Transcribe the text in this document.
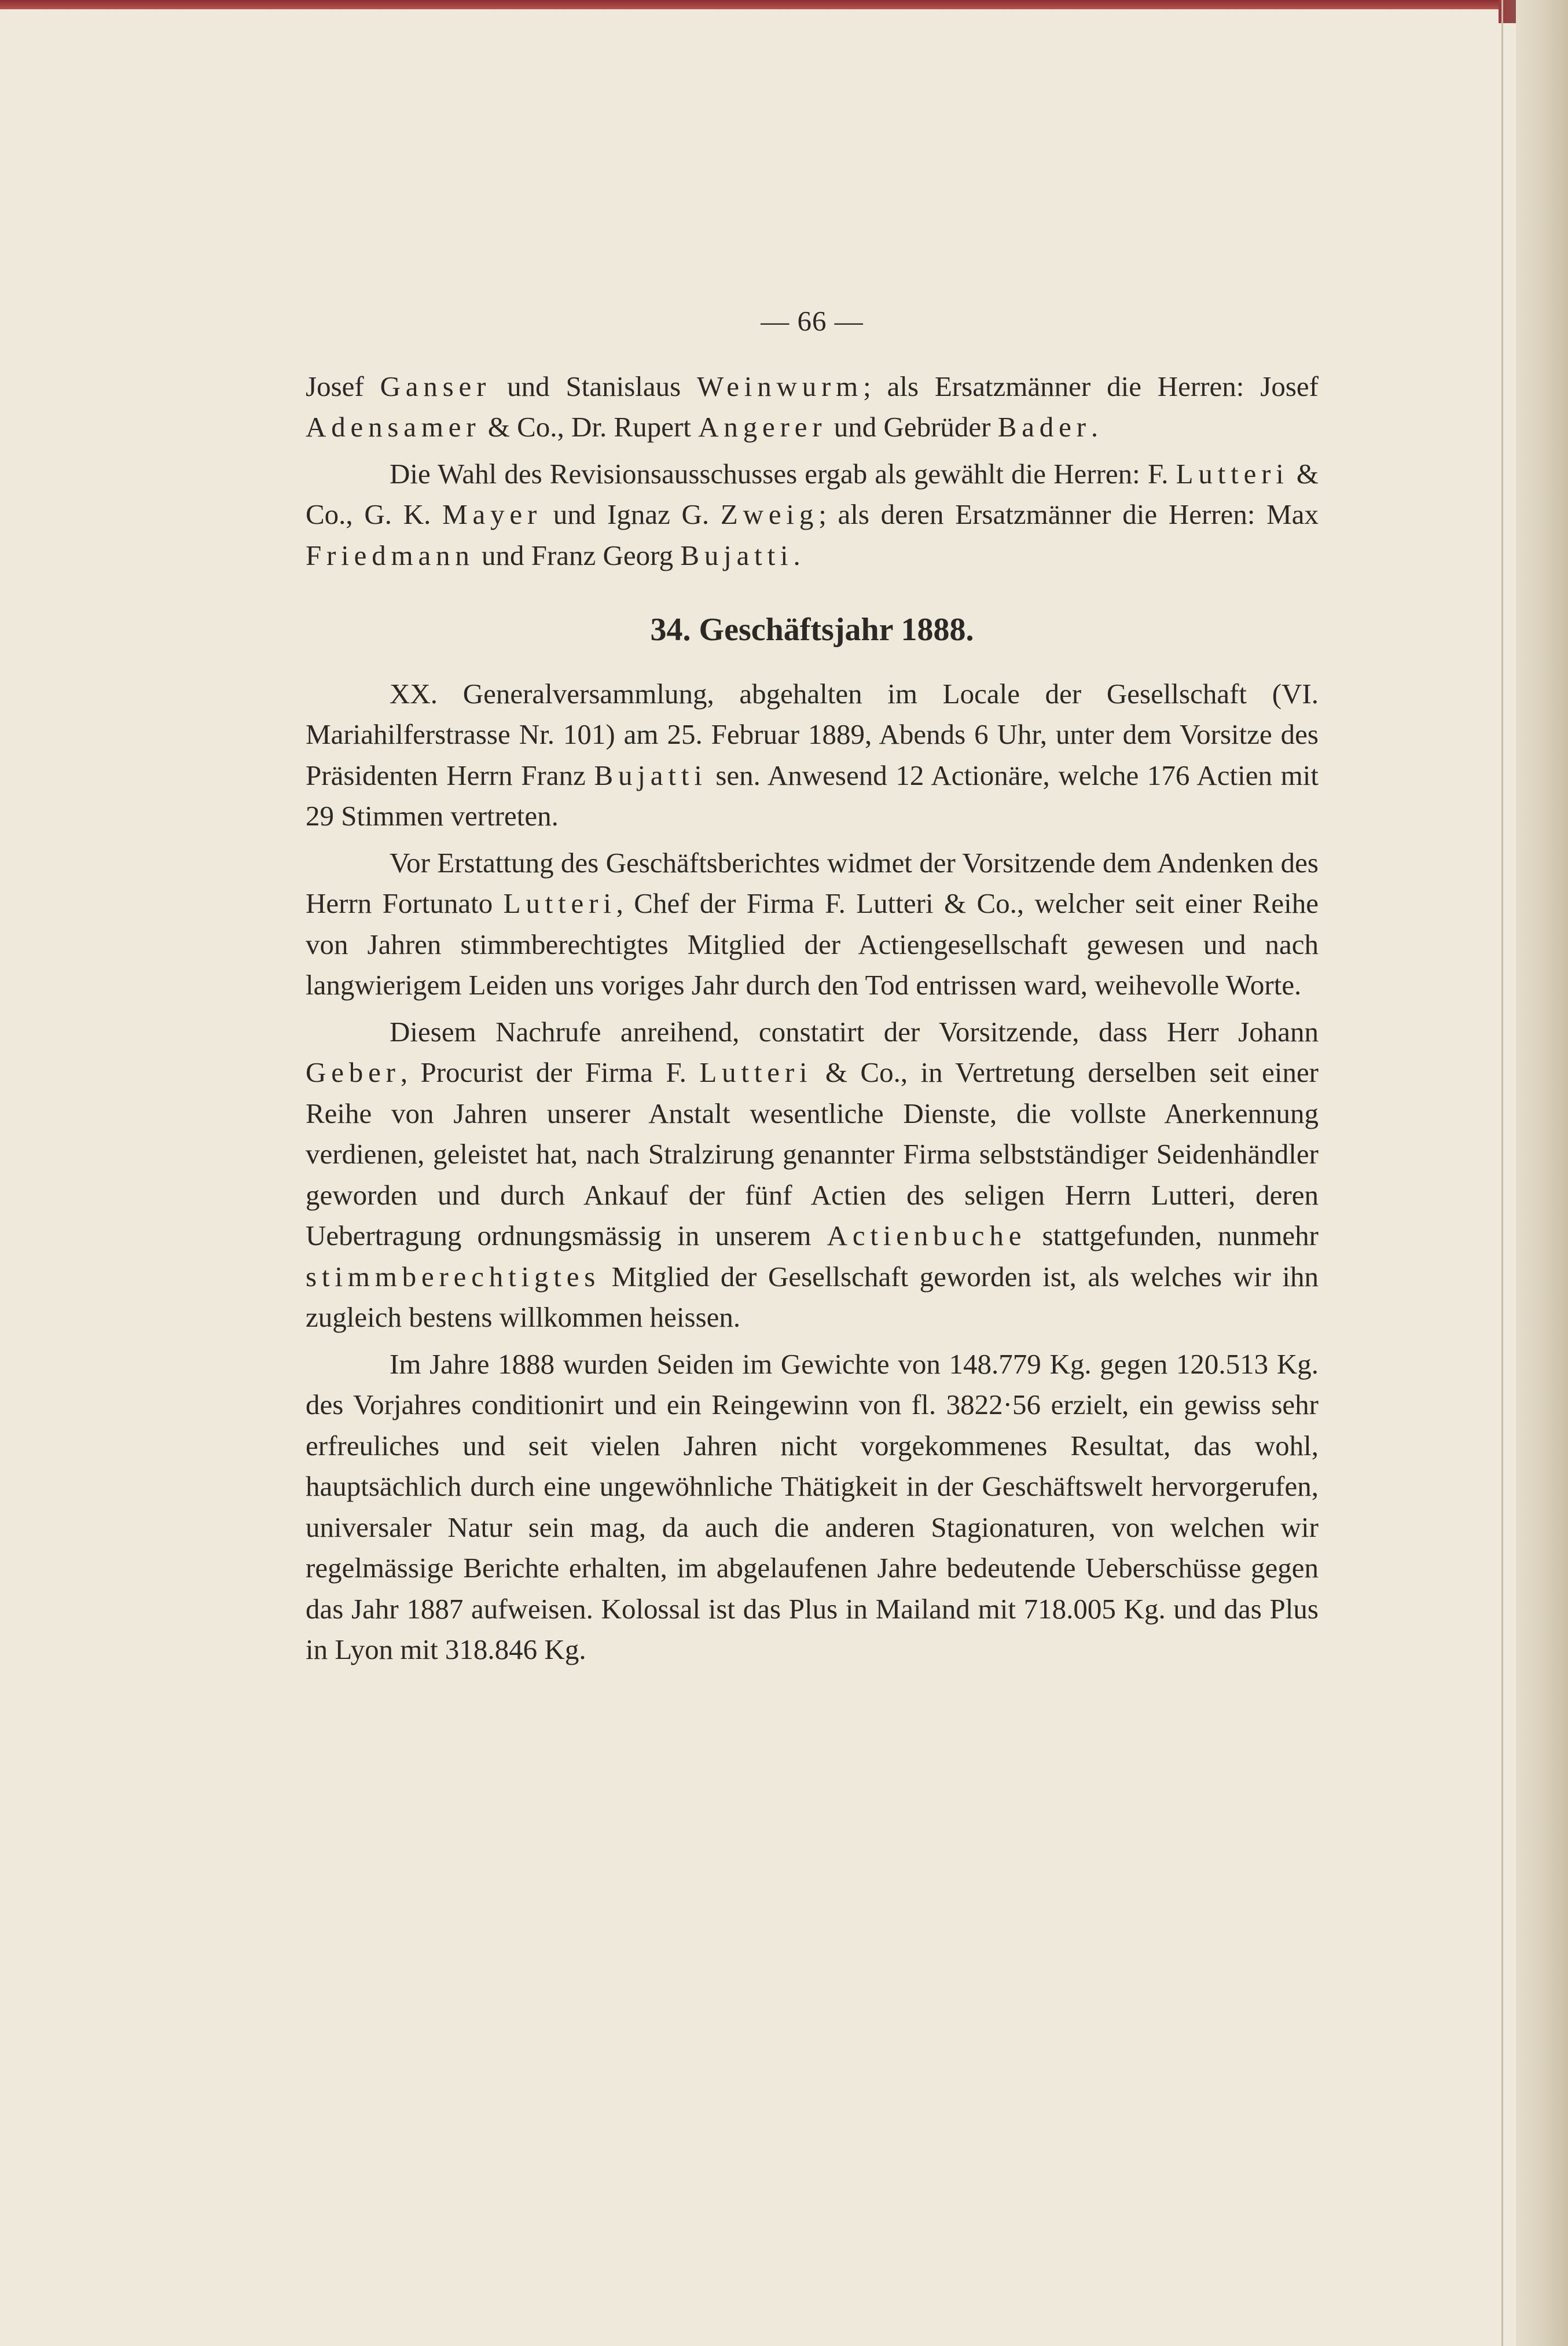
— 66 —

Josef Ganser und Stanislaus Weinwurm; als Ersatzmänner die Herren: Josef Adensamer & Co., Dr. Rupert Angerer und Gebrüder Bader.

Die Wahl des Revisionsausschusses ergab als gewählt die Herren: F. Lutteri & Co., G. K. Mayer und Ignaz G. Zweig; als deren Ersatzmänner die Herren: Max Friedmann und Franz Georg Bujatti.

34. Geschäftsjahr 1888.

XX. Generalversammlung, abgehalten im Locale der Gesellschaft (VI. Mariahilferstrasse Nr. 101) am 25. Februar 1889, Abends 6 Uhr, unter dem Vorsitze des Präsidenten Herrn Franz Bujatti sen. Anwesend 12 Actionäre, welche 176 Actien mit 29 Stimmen vertreten.

Vor Erstattung des Geschäftsberichtes widmet der Vorsitzende dem Andenken des Herrn Fortunato Lutteri, Chef der Firma F. Lutteri & Co., welcher seit einer Reihe von Jahren stimmberechtigtes Mitglied der Actiengesellschaft gewesen und nach langwierigem Leiden uns voriges Jahr durch den Tod entrissen ward, weihevolle Worte.

Diesem Nachrufe anreihend, constatirt der Vorsitzende, dass Herr Johann Geber, Procurist der Firma F. Lutteri & Co., in Vertretung derselben seit einer Reihe von Jahren unserer Anstalt wesentliche Dienste, die vollste Anerkennung verdienen, geleistet hat, nach Stralzirung genannter Firma selbstständiger Seidenhändler geworden und durch Ankauf der fünf Actien des seligen Herrn Lutteri, deren Uebertragung ordnungsmässig in unserem Actienbuche stattgefunden, nunmehr stimmberechtigtes Mitglied der Gesellschaft geworden ist, als welches wir ihn zugleich bestens willkommen heissen.

Im Jahre 1888 wurden Seiden im Gewichte von 148.779 Kg. gegen 120.513 Kg. des Vorjahres conditionirt und ein Reingewinn von fl. 3822·56 erzielt, ein gewiss sehr erfreuliches und seit vielen Jahren nicht vorgekommenes Resultat, das wohl, hauptsächlich durch eine ungewöhnliche Thätigkeit in der Geschäftswelt hervorgerufen, universaler Natur sein mag, da auch die anderen Stagionaturen, von welchen wir regelmässige Berichte erhalten, im abgelaufenen Jahre bedeutende Ueberschüsse gegen das Jahr 1887 aufweisen. Kolossal ist das Plus in Mailand mit 718.005 Kg. und das Plus in Lyon mit 318.846 Kg.
